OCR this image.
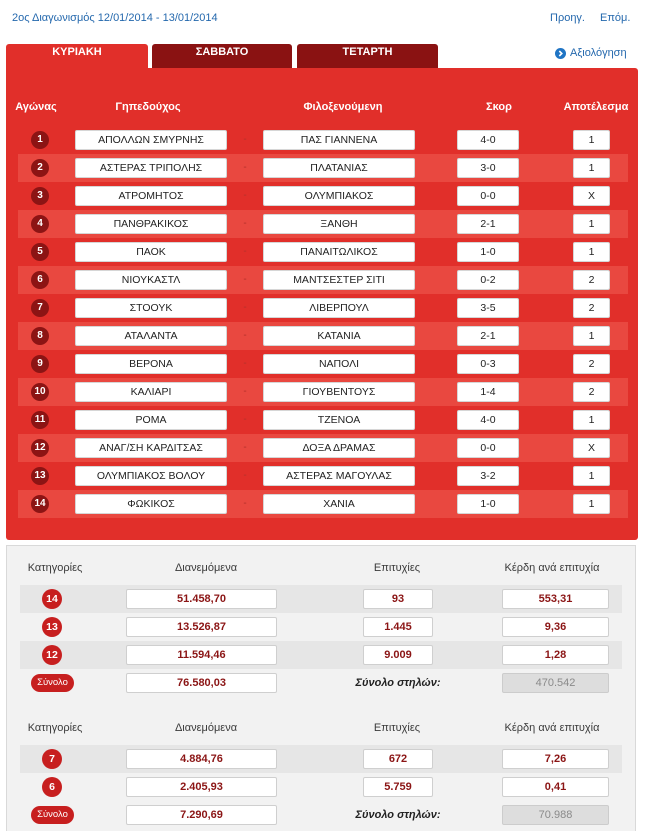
2ος Διαγωνισμός 12/01/2014 - 13/01/2014	Προηγ. Επόμ.
ΚΥΡΙΑΚΗ	ΣΑΒΒΑΤΟ	ΤΕΤΑΡΤΗ	Αξιολόγηση
Αγώνας	Γηπεδούχος	Φιλοξενούμενη	Σκορ	Αποτέλεσμα
1	ΑΠΟΛΛΩΝ ΣΜΥΡΝΗΣ	-	ΠΑΣ ΓΙΑΝΝΕΝΑ	4-0	1
2	ΑΣΤΕΡΑΣ ΤΡΙΠΟΛΗΣ	-	ΠΛΑΤΑΝΙΑΣ	3-0	1
3	ΑΤΡΟΜΗΤΟΣ	-	ΟΛΥΜΠΙΑΚΟΣ	0-0	X
4	ΠΑΝΘΡΑΚΙΚΟΣ	-	ΞΑΝΘΗ	2-1	1
5	ΠΑΟΚ	-	ΠΑΝΑΙΤΩΛΙΚΟΣ	1-0	1
6	ΝΙΟΥΚΑΣΤΛ	-	ΜΑΝΤΣΕΣΤΕΡ ΣΙΤΙ	0-2	2
7	ΣΤΟΟΥΚ	-	ΛΙΒΕΡΠΟΥΛ	3-5	2
8	ΑΤΑΛΑΝΤΑ	-	ΚΑΤΑΝΙΑ	2-1	1
9	ΒΕΡΟΝΑ	-	ΝΑΠΟΛΙ	0-3	2
10	ΚΑΛΙΑΡΙ	-	ΓΙΟΥΒΕΝΤΟΥΣ	1-4	2
11	ΡΟΜΑ	-	ΤΖΕΝΟΑ	4-0	1
12	ΑΝΑΓ/ΣΗ ΚΑΡΔΙΤΣΑΣ	-	ΔΟΞΑ ΔΡΑΜΑΣ	0-0	X
13	ΟΛΥΜΠΙΑΚΟΣ ΒΟΛΟΥ	-	ΑΣΤΕΡΑΣ ΜΑΓΟΥΛΑΣ	3-2	1
14	ΦΩΚΙΚΟΣ	-	ΧΑΝΙΑ	1-0	1
Κατηγορίες	Διανεμόμενα	Επιτυχίες	Κέρδη ανά επιτυχία
14	51.458,70	93	553,31
13	13.526,87	1.445	9,36
12	11.594,46	9.009	1,28
Σύνολο	76.580,03	Σύνολο στηλών:	470.542
Κατηγορίες	Διανεμόμενα	Επιτυχίες	Κέρδη ανά επιτυχία
7	4.884,76	672	7,26
6	2.405,93	5.759	0,41
Σύνολο	7.290,69	Σύνολο στηλών:	70.988
